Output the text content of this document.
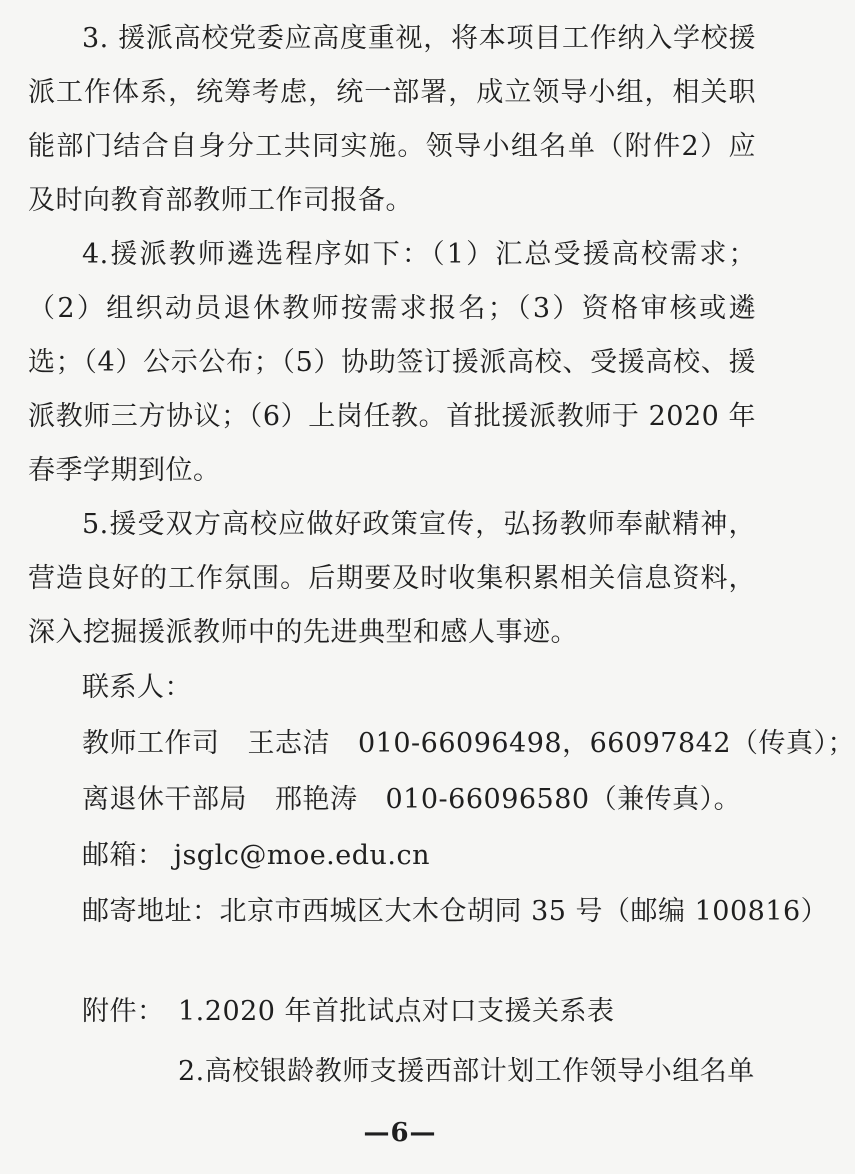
3. 援派高校党委应高度重视，将本项目工作纳入学校援派工作体系，统筹考虑，统一部署，成立领导小组，相关职能部门结合自身分工共同实施。领导小组名单（附件2）应及时向教育部教师工作司报备。

4.援派教师遴选程序如下：（1）汇总受援高校需求；（2）组织动员退休教师按需求报名；（3）资格审核或遴选；（4）公示公布；（5）协助签订援派高校、受援高校、援派教师三方协议；（6）上岗任教。首批援派教师于 2020 年春季学期到位。

5.援受双方高校应做好政策宣传，弘扬教师奉献精神，营造良好的工作氛围。后期要及时收集积累相关信息资料，深入挖掘援派教师中的先进典型和感人事迹。

联系人：

教师工作司 王志洁 010-66096498，66097842（传真）；

离退休干部局 邢艳涛 010-66096580（兼传真）。

邮箱： jsglc@moe.edu.cn

邮寄地址：北京市西城区大木仓胡同 35 号（邮编 100816）

附件： 1.2020 年首批试点对口支援关系表

2.高校银龄教师支援西部计划工作领导小组名单

—6—
